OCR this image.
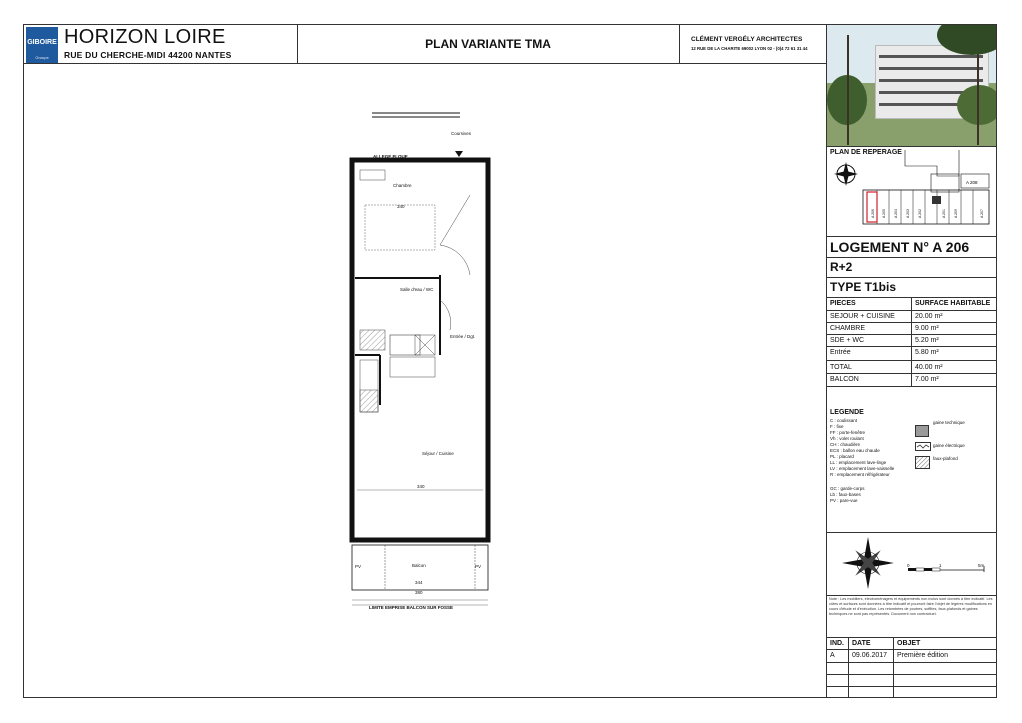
GIBOIRE
Groupe
HORIZON LOIRE
RUE DU CHERCHE-MIDI 44200 NANTES
PLAN VARIANTE TMA	CLÉMENT VERGÉLY ARCHITECTES
12 RUE DE LA CHARITE 69002 LYON 02 - (0)4 72 61 31 44
PLAN DE REPERAGE
A 208
A 206 A 205 A 204 A 203 A 202	A 201 A 209	A 207
LOGEMENT N° A 206
R+2
TYPE T1bis
PIECES	SURFACE HABITABLE
SEJOUR + CUISINE	20.00 m²
CHAMBRE	9.00 m²
SDE + WC	5.20 m²
Entrée	5.80 m²
TOTAL	40.00 m²
BALCON	7.00 m²
LEGENDE
C : coulissant
F : fixe
FF : porte-fenêtre
Vh : volet roulant
CH : chaudière
ECS : ballon eau chaude
PL : placard
LL : emplacement lave-linge
LV : emplacement lave-vaisselle
R : emplacement réfrigérateur
GC : garde-corps
Lb : faux-bases
PV : pare-vue
gaine technique
gaine électrique
faux-plafond
0	1	5m
Note : Les mobiliers, électroménagers et équipements non inclus sont donnés à titre indicatif. Les côtes et surfaces sont données à titre indicatif et pourront faire l'objet de légères modifications en cours d'étude et d'exécution. Les retombées de poutres, soffites, faux-plafonds et gaines techniques ne sont pas représentés. Document non contractuel.
IND. DATE	OBJET
A 09.06.2017 Première édition
Coursives
ALLEGE FLOUE
Chambre
340
Salle d'eau / WC
Entrée / Dgt.
Séjour / Cuisine
340
PV	PV
Balcon
344
380
LIMITE EMPRISE BALCON SUR FOSSE
